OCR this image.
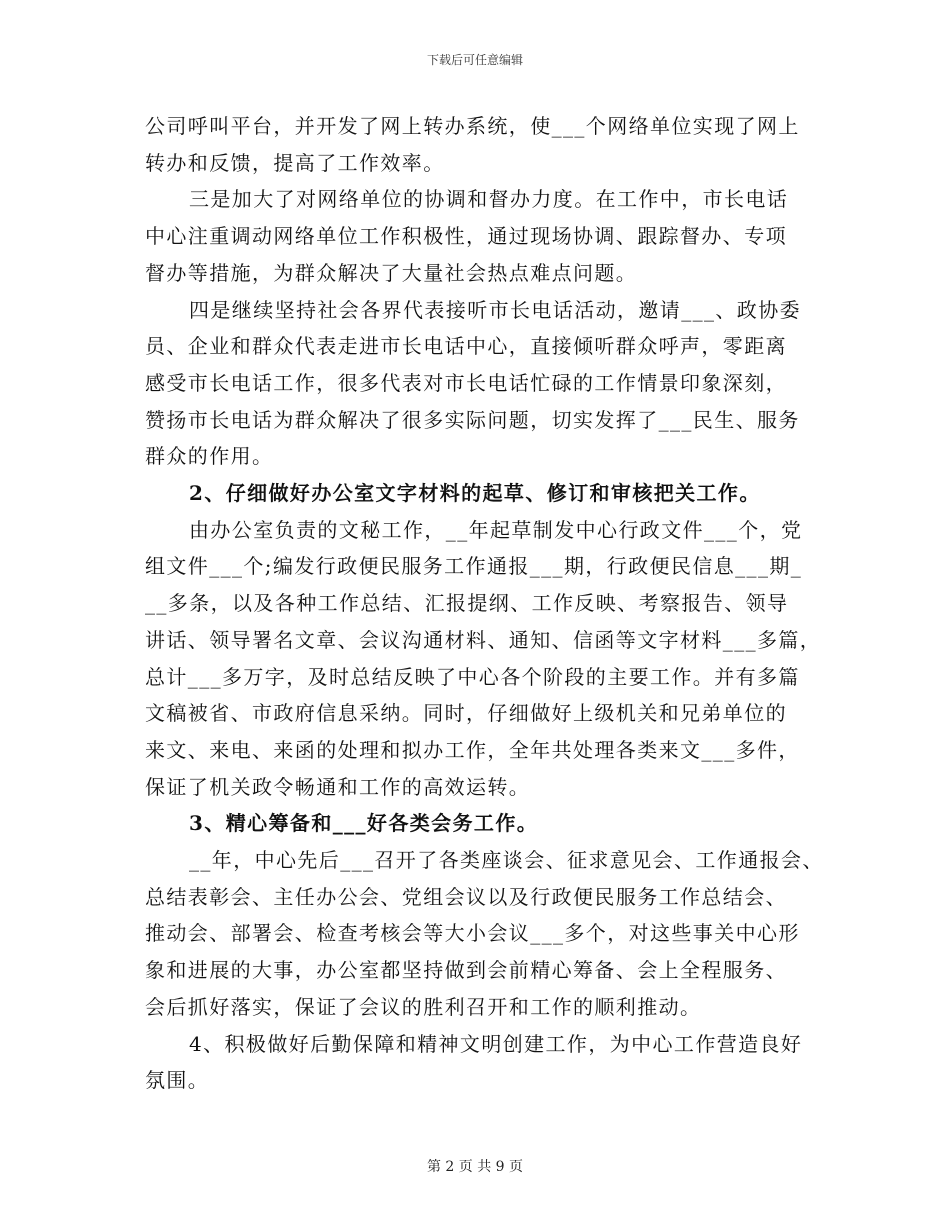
下载后可任意编辑
公司呼叫平台，并开发了网上转办系统，使___个网络单位实现了网上
转办和反馈，提高了工作效率。
三是加大了对网络单位的协调和督办力度。在工作中，市长电话
中心注重调动网络单位工作积极性，通过现场协调、跟踪督办、专项
督办等措施，为群众解决了大量社会热点难点问题。
四是继续坚持社会各界代表接听市长电话活动，邀请___、政协委
员、企业和群众代表走进市长电话中心，直接倾听群众呼声，零距离
感受市长电话工作，很多代表对市长电话忙碌的工作情景印象深刻，
赞扬市长电话为群众解决了很多实际问题，切实发挥了___民生、服务
群众的作用。
2、仔细做好办公室文字材料的起草、修订和审核把关工作。
由办公室负责的文秘工作，__年起草制发中心行政文件___个，党
组文件___个;编发行政便民服务工作通报___期，行政便民信息___期_
__多条，以及各种工作总结、汇报提纲、工作反映、考察报告、领导
讲话、领导署名文章、会议沟通材料、通知、信函等文字材料___多篇，
总计___多万字，及时总结反映了中心各个阶段的主要工作。并有多篇
文稿被省、市政府信息采纳。同时，仔细做好上级机关和兄弟单位的
来文、来电、来函的处理和拟办工作，全年共处理各类来文___多件，
保证了机关政令畅通和工作的高效运转。
3、精心筹备和___好各类会务工作。
__年，中心先后___召开了各类座谈会、征求意见会、工作通报会、
总结表彰会、主任办公会、党组会议以及行政便民服务工作总结会、
推动会、部署会、检查考核会等大小会议___多个，对这些事关中心形
象和进展的大事，办公室都坚持做到会前精心筹备、会上全程服务、
会后抓好落实，保证了会议的胜利召开和工作的顺利推动。
4、积极做好后勤保障和精神文明创建工作，为中心工作营造良好
氛围。
第 2 页 共 9 页
